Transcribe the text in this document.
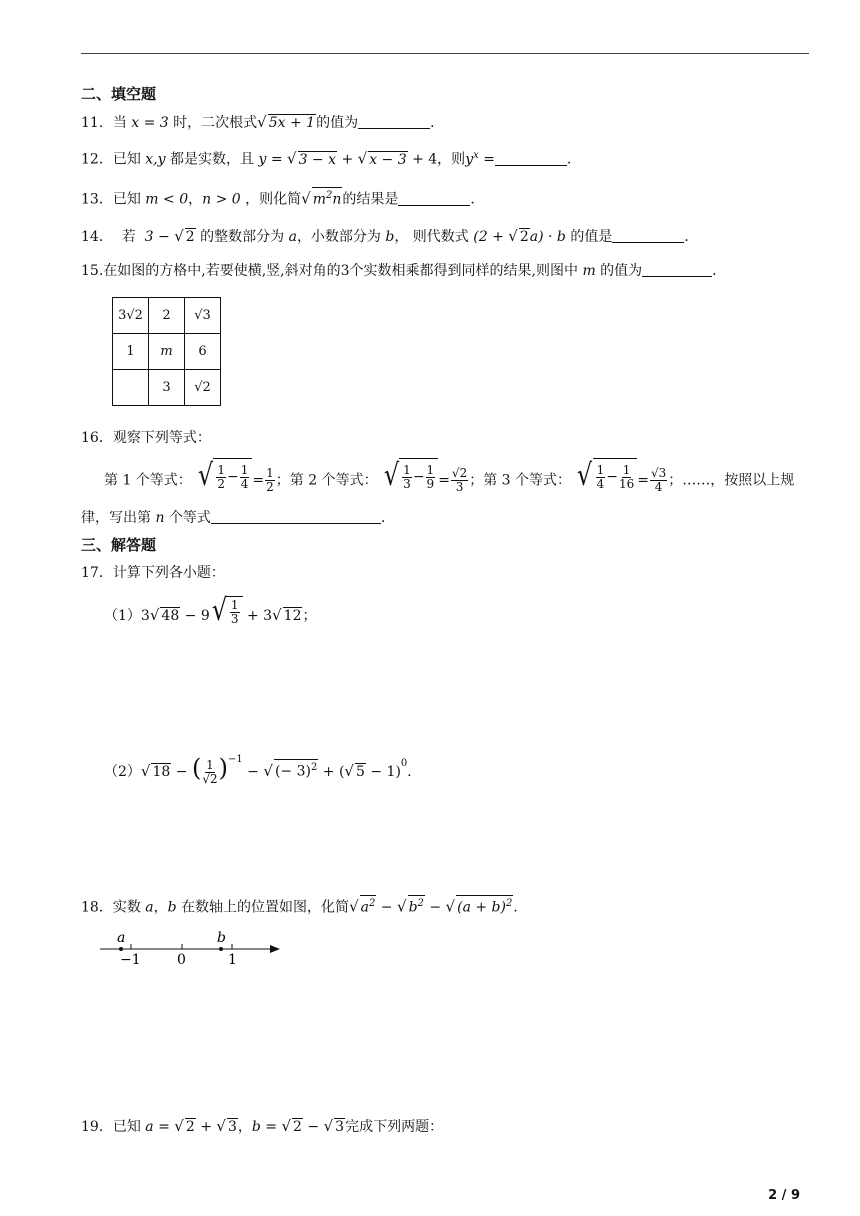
二、填空题
11．当 x = 3 时，二次根式√ 5x + 1的值为	．
12．已知 x,y 都是实数，且 y = √ 3 − x + √ x − 3 + 4，则$y^x$ =	．
13．已知 m < 0，n > 0 ，则化简√ $m^2n$的结果是	．
14． 若 3 − √ 2 的整数部分为 a，小数部分为 b， 则代数式 (2 + √ 2a) · b 的值是	．
15.在如图的方格中,若要使横,竖,斜对角的3个实数相乘都得到同样的结果,则图中 m 的值为	．
3√2	2	√3
1	m	6
	3	√2
16．观察下列等式：
第 1 个等式： √ $\frac{1}{2} - \frac{1}{4} = \frac{1}{2}$ ；第 2 个等式： √ $\frac{1}{3} - \frac{1}{9} = \frac{√2}{3}$ ；第 3 个等式： √ $\frac{1}{4} - \frac{1}{16} = \frac{√3}{4}$ ；……，按照以上规
律，写出第 n 个等式	．
三、解答题
17．计算下列各小题：
（1）3√ 48 − 9 √ $\frac{1}{3} + 3√$ 12；
（2）√ 18 − ( $\frac{1}{√2} )^{-1}$ − √ (− 3)$^2$ + (√ 5 − 1)$^0$．
18．实数 a，b 在数轴上的位置如图，化简√ $a^2$ − √ $b^2$ − √ $(a + b)^2$．
a	b
−1	0	1
19．已知 a = √ 2 + √ 3，b = √ 2 − √ 3完成下列两题：
2 / 9
